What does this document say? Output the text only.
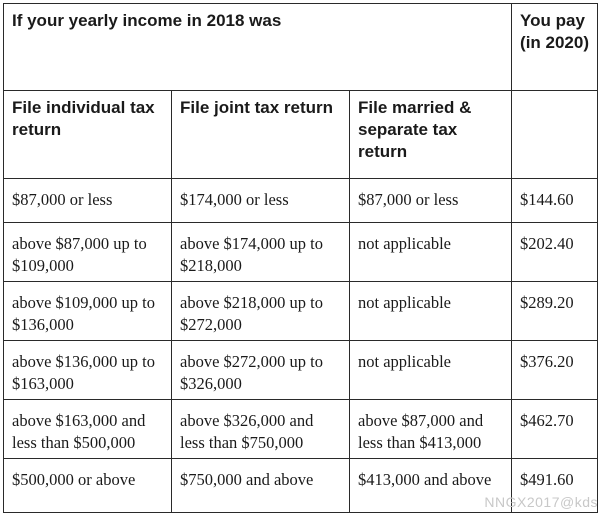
If your yearly income in 2018 was			You pay (in 2020)
File individual tax return	File joint tax return	File married & separate tax return	
$87,000 or less	$174,000 or less	$87,000 or less	$144.60
above $87,000 up to $109,000	above $174,000 up to $218,000	not applicable	$202.40
above $109,000 up to $136,000	above $218,000 up to $272,000	not applicable	$289.20
above $136,000 up to $163,000	above $272,000 up to $326,000	not applicable	$376.20
above $163,000 and less than $500,000	above $326,000 and less than $750,000	above $87,000 and less than $413,000	$462.70
$500,000 or above	$750,000 and above	$413,000 and above	$491.60
NNGX2017@kds
